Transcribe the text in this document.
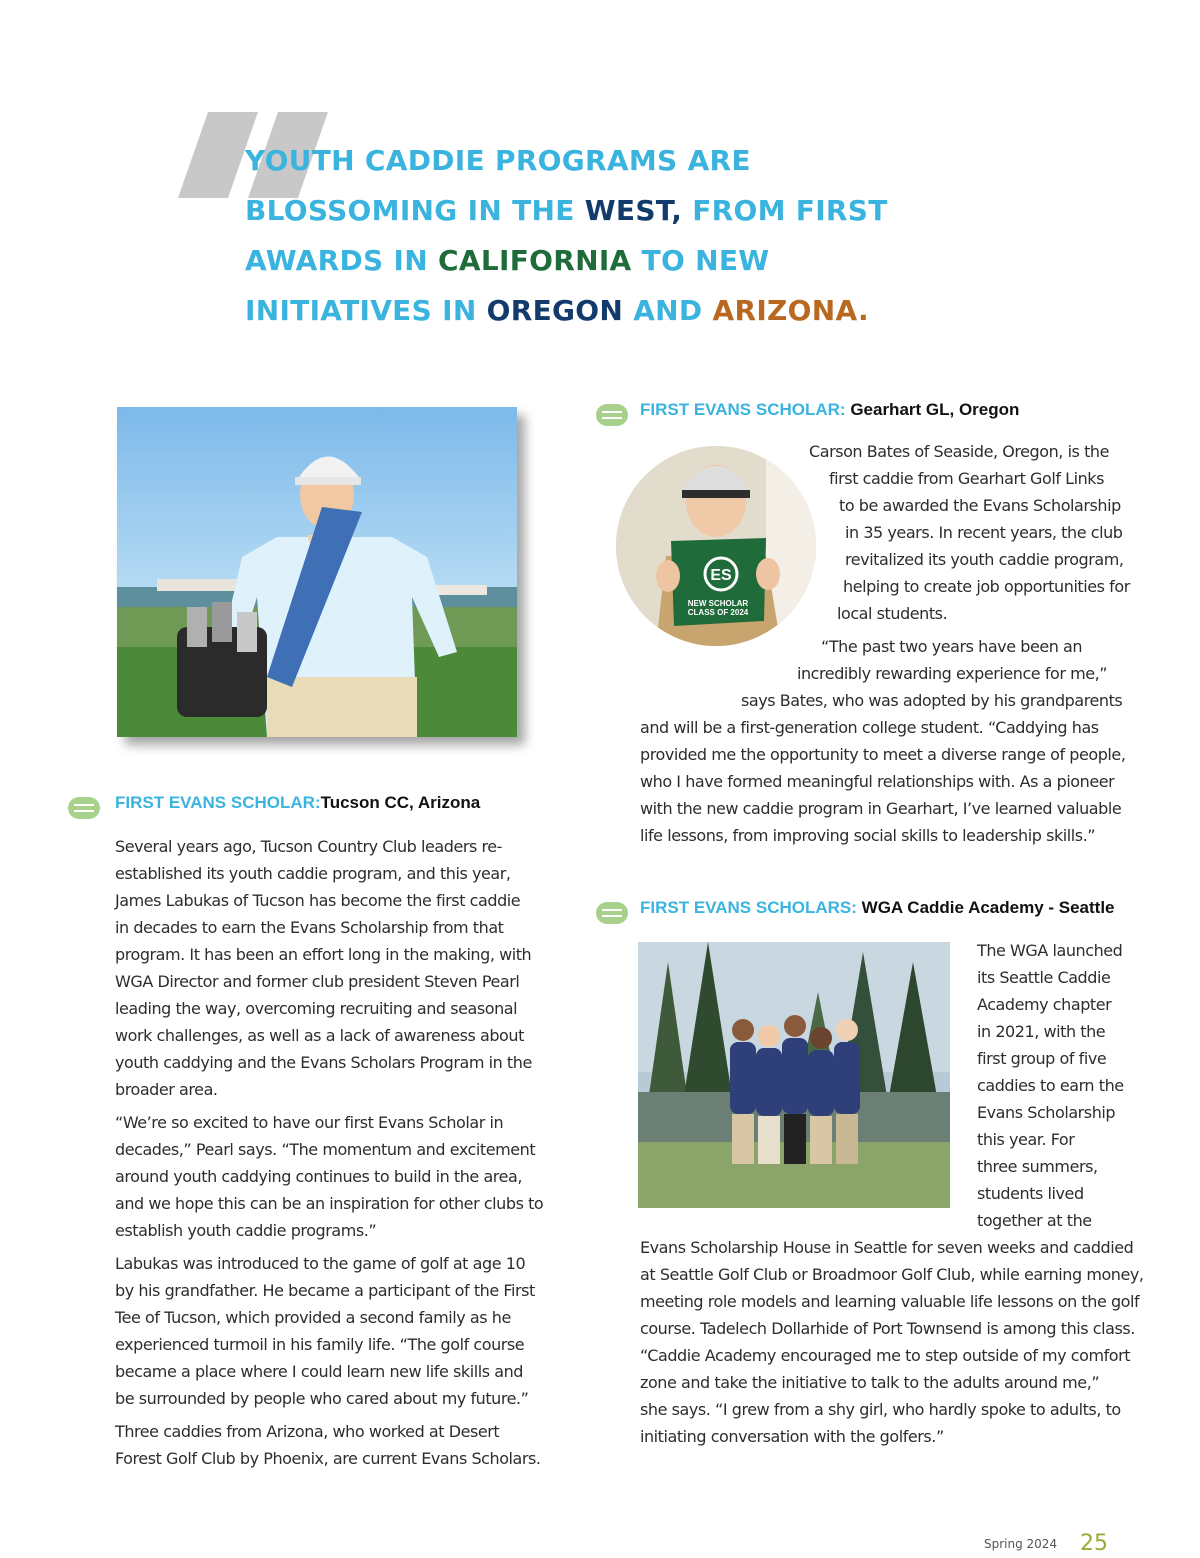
YOUTH CADDIE PROGRAMS ARE BLOSSOMING IN THE WEST, FROM FIRST AWARDS IN CALIFORNIA TO NEW INITIATIVES IN OREGON AND ARIZONA.

FIRST EVANS SCHOLAR: Gearhart GL, Oregon
ES
NEW SCHOLAR
CLASS OF 2024
Carson Bates of Seaside, Oregon, is the
first caddie from Gearhart Golf Links
to be awarded the Evans Scholarship
in 35 years. In recent years, the club
revitalized its youth caddie program,
helping to create job opportunities for
local students.
“The past two years have been an
incredibly rewarding experience for me,”
says Bates, who was adopted by his grandparents
and will be a first-generation college student. “Caddying has
provided me the opportunity to meet a diverse range of people,
who I have formed meaningful relationships with. As a pioneer
with the new caddie program in Gearhart, I’ve learned valuable
life lessons, from improving social skills to leadership skills.”
FIRST EVANS SCHOLAR:Tucson CC, Arizona
Several years ago, Tucson Country Club leaders re-
established its youth caddie program, and this year,
James Labukas of Tucson has become the first caddie
in decades to earn the Evans Scholarship from that
program. It has been an effort long in the making, with
WGA Director and former club president Steven Pearl
leading the way, overcoming recruiting and seasonal
work challenges, as well as a lack of awareness about
youth caddying and the Evans Scholars Program in the
broader area.
“We’re so excited to have our first Evans Scholar in
decades,” Pearl says. “The momentum and excitement
around youth caddying continues to build in the area,
and we hope this can be an inspiration for other clubs to
establish youth caddie programs.”
Labukas was introduced to the game of golf at age 10
by his grandfather. He became a participant of the First
Tee of Tucson, which provided a second family as he
experienced turmoil in his family life. “The golf course
became a place where I could learn new life skills and
be surrounded by people who cared about my future.”
Three caddies from Arizona, who worked at Desert
Forest Golf Club by Phoenix, are current Evans Scholars.
FIRST EVANS SCHOLARS: WGA Caddie Academy - Seattle
The WGA launched
its Seattle Caddie
Academy chapter
in 2021, with the
first group of five
caddies to earn the
Evans Scholarship
this year. For
three summers,
students lived
together at the
Evans Scholarship House in Seattle for seven weeks and caddied
at Seattle Golf Club or Broadmoor Golf Club, while earning money,
meeting role models and learning valuable life lessons on the golf
course. Tadelech Dollarhide of Port Townsend is among this class.
“Caddie Academy encouraged me to step outside of my comfort
zone and take the initiative to talk to the adults around me,”
she says. “I grew from a shy girl, who hardly spoke to adults, to
initiating conversation with the golfers.”
Spring 2024 25
